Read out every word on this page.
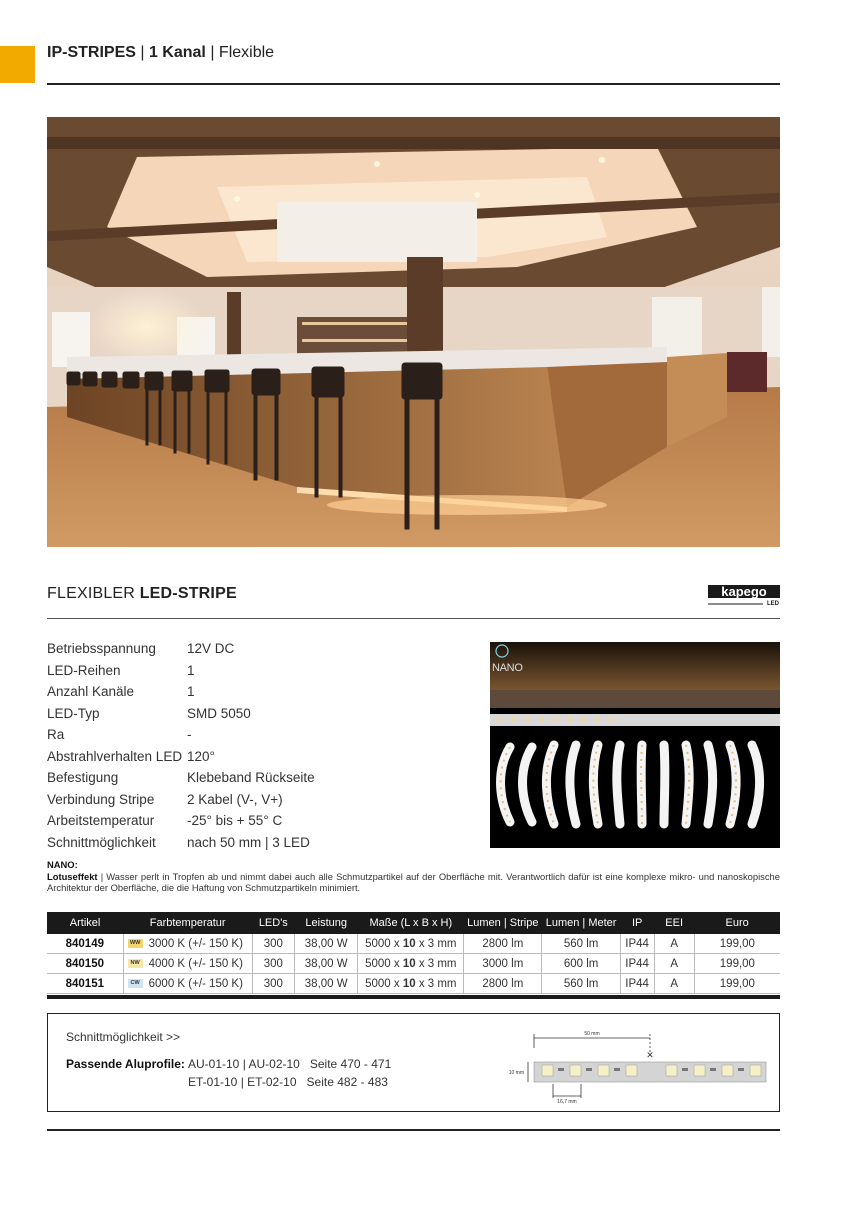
IP-STRIPES | 1 Kanal | Flexible
FLEXIBLER LED-STRIPE	kapego
LED
Betriebsspannung	12V DC
LED-Reihen	1
Anzahl Kanäle	1
LED-Typ	SMD 5050
Ra	-
Abstrahlverhalten LED 120°
Befestigung	Klebeband Rückseite
Verbindung Stripe	2 Kabel (V-, V+)
Arbeitstemperatur	-25° bis + 55° C
Schnittmöglichkeit	nach 50 mm | 3 LED
NANO
NANO:
Lotuseffekt | Wasser perlt in Tropfen ab und nimmt dabei auch alle Schmutzpartikel auf der Oberfläche mit. Verantwortlich dafür ist eine komplexe mikro- und nanoskopische Architektur der Oberfläche, die die Haftung von Schmutzpartikeln minimiert.
Artikel	Farbtemperatur	LED's	Leistung	Maße (L x B x H)	Lumen | Stripe	Lumen | Meter	IP	EEI	Euro
840149	WW 3000 K (+/- 150 K)	300	38,00 W	5000 x 10 x 3 mm	2800 lm	560 lm	IP44	A	199,00
840150	NW 4000 K (+/- 150 K)	300	38,00 W	5000 x 10 x 3 mm	3000 lm	600 lm	IP44	A	199,00
840151	CW 6000 K (+/- 150 K)	300	38,00 W	5000 x 10 x 3 mm	2800 lm	560 lm	IP44	A	199,00
Schnittmöglichkeit >>
Passende Aluprofile: AU-01-10 | AU-02-10 Seite 470 - 471
ET-01-10 | ET-02-10 Seite 482 - 483
50 mm
✕
10 mm
16,7 mm
